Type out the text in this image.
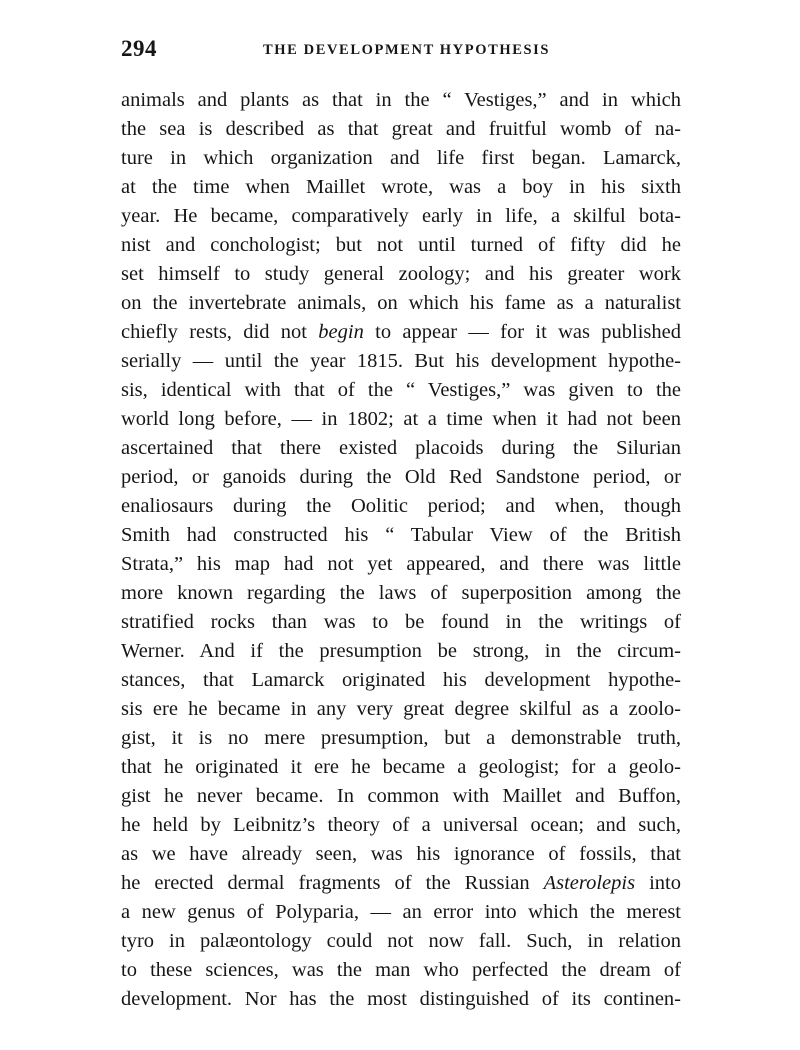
294	THE DEVELOPMENT HYPOTHESIS
animals and plants as that in the “ Vestiges,” and in which
the sea is described as that great and fruitful womb of na-
ture in which organization and life first began. Lamarck,
at the time when Maillet wrote, was a boy in his sixth
year. He became, comparatively early in life, a skilful bota-
nist and conchologist; but not until turned of fifty did he
set himself to study general zoology; and his greater work
on the invertebrate animals, on which his fame as a naturalist
chiefly rests, did not begin to appear — for it was published
serially — until the year 1815. But his development hypothe-
sis, identical with that of the “ Vestiges,” was given to the
world long before, — in 1802; at a time when it had not been
ascertained that there existed placoids during the Silurian
period, or ganoids during the Old Red Sandstone period, or
enaliosaurs during the Oolitic period; and when, though
Smith had constructed his “ Tabular View of the British
Strata,” his map had not yet appeared, and there was little
more known regarding the laws of superposition among the
stratified rocks than was to be found in the writings of
Werner. And if the presumption be strong, in the circum-
stances, that Lamarck originated his development hypothe-
sis ere he became in any very great degree skilful as a zoolo-
gist, it is no mere presumption, but a demonstrable truth,
that he originated it ere he became a geologist; for a geolo-
gist he never became. In common with Maillet and Buffon,
he held by Leibnitz’s theory of a universal ocean; and such,
as we have already seen, was his ignorance of fossils, that
he erected dermal fragments of the Russian Asterolepis into
a new genus of Polyparia, — an error into which the merest
tyro in palæontology could not now fall. Such, in relation
to these sciences, was the man who perfected the dream of
development. Nor has the most distinguished of its continen-
